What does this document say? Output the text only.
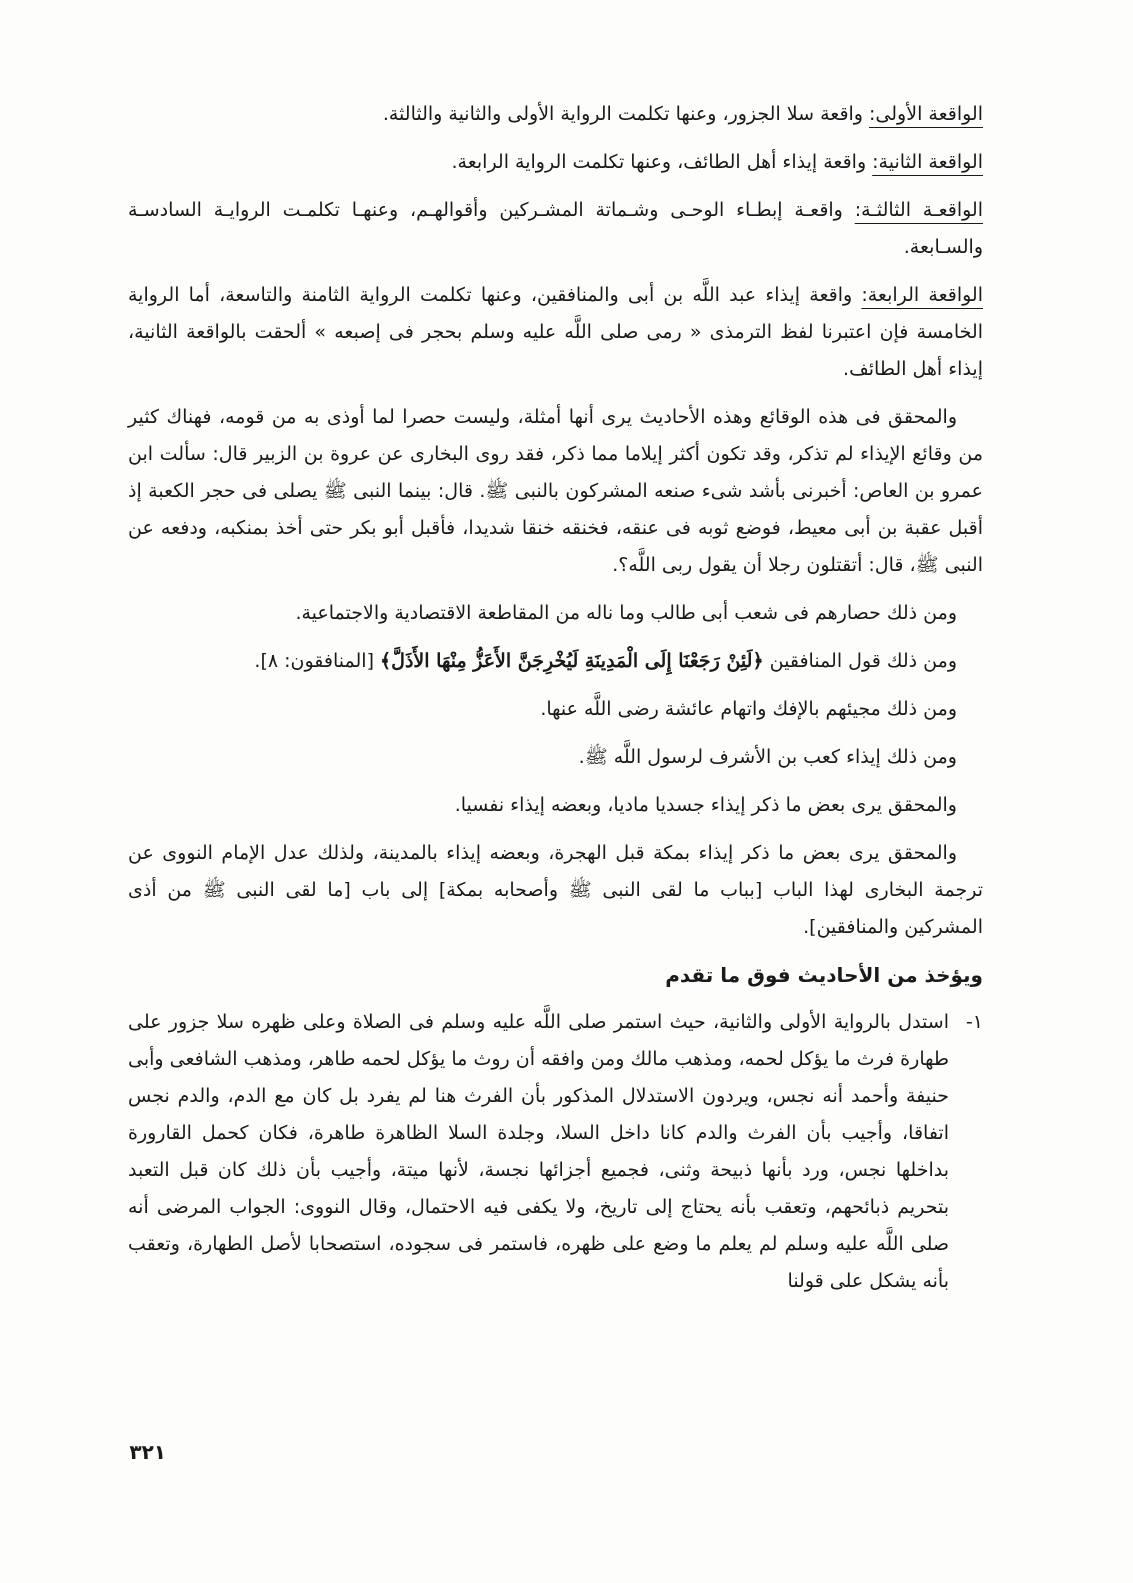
الواقعة الأولى: واقعة سلا الجزور، وعنها تكلمت الرواية الأولى والثانية والثالثة.

الواقعة الثانية: واقعة إيذاء أهل الطائف، وعنها تكلمت الرواية الرابعة.

الواقعـة الثالثـة: واقعـة إبطـاء الوحـى وشـماتة المشـركين وأقوالهـم، وعنهـا تكلمـت الروايـة السادسـة والسـابعة.

الواقعة الرابعة: واقعة إيذاء عبد اللَّه بن أبى والمنافقين، وعنها تكلمت الرواية الثامنة والتاسعة، أما الرواية الخامسة فإن اعتبرنا لفظ الترمذى « رمى صلى اللَّه عليه وسلم بحجر فى إصبعه » ألحقت بالواقعة الثانية، إيذاء أهل الطائف.

والمحقق فى هذه الوقائع وهذه الأحاديث يرى أنها أمثلة، وليست حصرا لما أوذى به من قومه، فهناك كثير من وقائع الإيذاء لم تذكر، وقد تكون أكثر إيلاما مما ذكر، فقد روى البخارى عن عروة بن الزبير قال: سألت ابن عمرو بن العاص: أخبرنى بأشد شىء صنعه المشركون بالنبى ﷺ. قال: بينما النبى ﷺ يصلى فى حجر الكعبة إذ أقبل عقبة بن أبى معيط، فوضع ثوبه فى عنقه، فخنقه خنقا شديدا، فأقبل أبو بكر حتى أخذ بمنكبه، ودفعه عن النبى ﷺ، قال: أتقتلون رجلا أن يقول ربى اللَّه؟.

ومن ذلك حصارهم فى شعب أبى طالب وما ناله من المقاطعة الاقتصادية والاجتماعية.

ومن ذلك قول المنافقين ﴿لَئِنْ رَجَعْنَا إِلَى الْمَدِينَةِ لَيُخْرِجَنَّ الأَعَزُّ مِنْهَا الأَذَلَّ﴾ [المنافقون: ٨].

ومن ذلك مجيئهم بالإفك واتهام عائشة رضى اللَّه عنها.

ومن ذلك إيذاء كعب بن الأشرف لرسول اللَّه ﷺ.

والمحقق يرى بعض ما ذكر إيذاء جسديا ماديا، وبعضه إيذاء نفسيا.

والمحقق يرى بعض ما ذكر إيذاء بمكة قبل الهجرة، وبعضه إيذاء بالمدينة، ولذلك عدل الإمام النووى عن ترجمة البخارى لهذا الباب [بباب ما لقى النبى ﷺ وأصحابه بمكة] إلى باب [ما لقى النبى ﷺ من أذى المشركين والمنافقين].

ويؤخذ من الأحاديث فوق ما تقدم
١-
استدل بالرواية الأولى والثانية، حيث استمر صلى اللَّه عليه وسلم فى الصلاة وعلى ظهره سلا جزور على طهارة فرث ما يؤكل لحمه، ومذهب مالك ومن وافقه أن روث ما يؤكل لحمه طاهر، ومذهب الشافعى وأبى حنيفة وأحمد أنه نجس، ويردون الاستدلال المذكور بأن الفرث هنا لم يفرد بل كان مع الدم، والدم نجس اتفاقا، وأجيب بأن الفرث والدم كانا داخل السلا، وجلدة السلا الظاهرة طاهرة، فكان كحمل القارورة بداخلها نجس، ورد بأنها ذبيحة وثنى، فجميع أجزائها نجسة، لأنها ميتة، وأجيب بأن ذلك كان قبل التعبد بتحريم ذبائحهم، وتعقب بأنه يحتاج إلى تاريخ، ولا يكفى فيه الاحتمال، وقال النووى: الجواب المرضى أنه صلى اللَّه عليه وسلم لم يعلم ما وضع على ظهره، فاستمر فى سجوده، استصحابا لأصل الطهارة، وتعقب بأنه يشكل على قولنا
٣٢١
